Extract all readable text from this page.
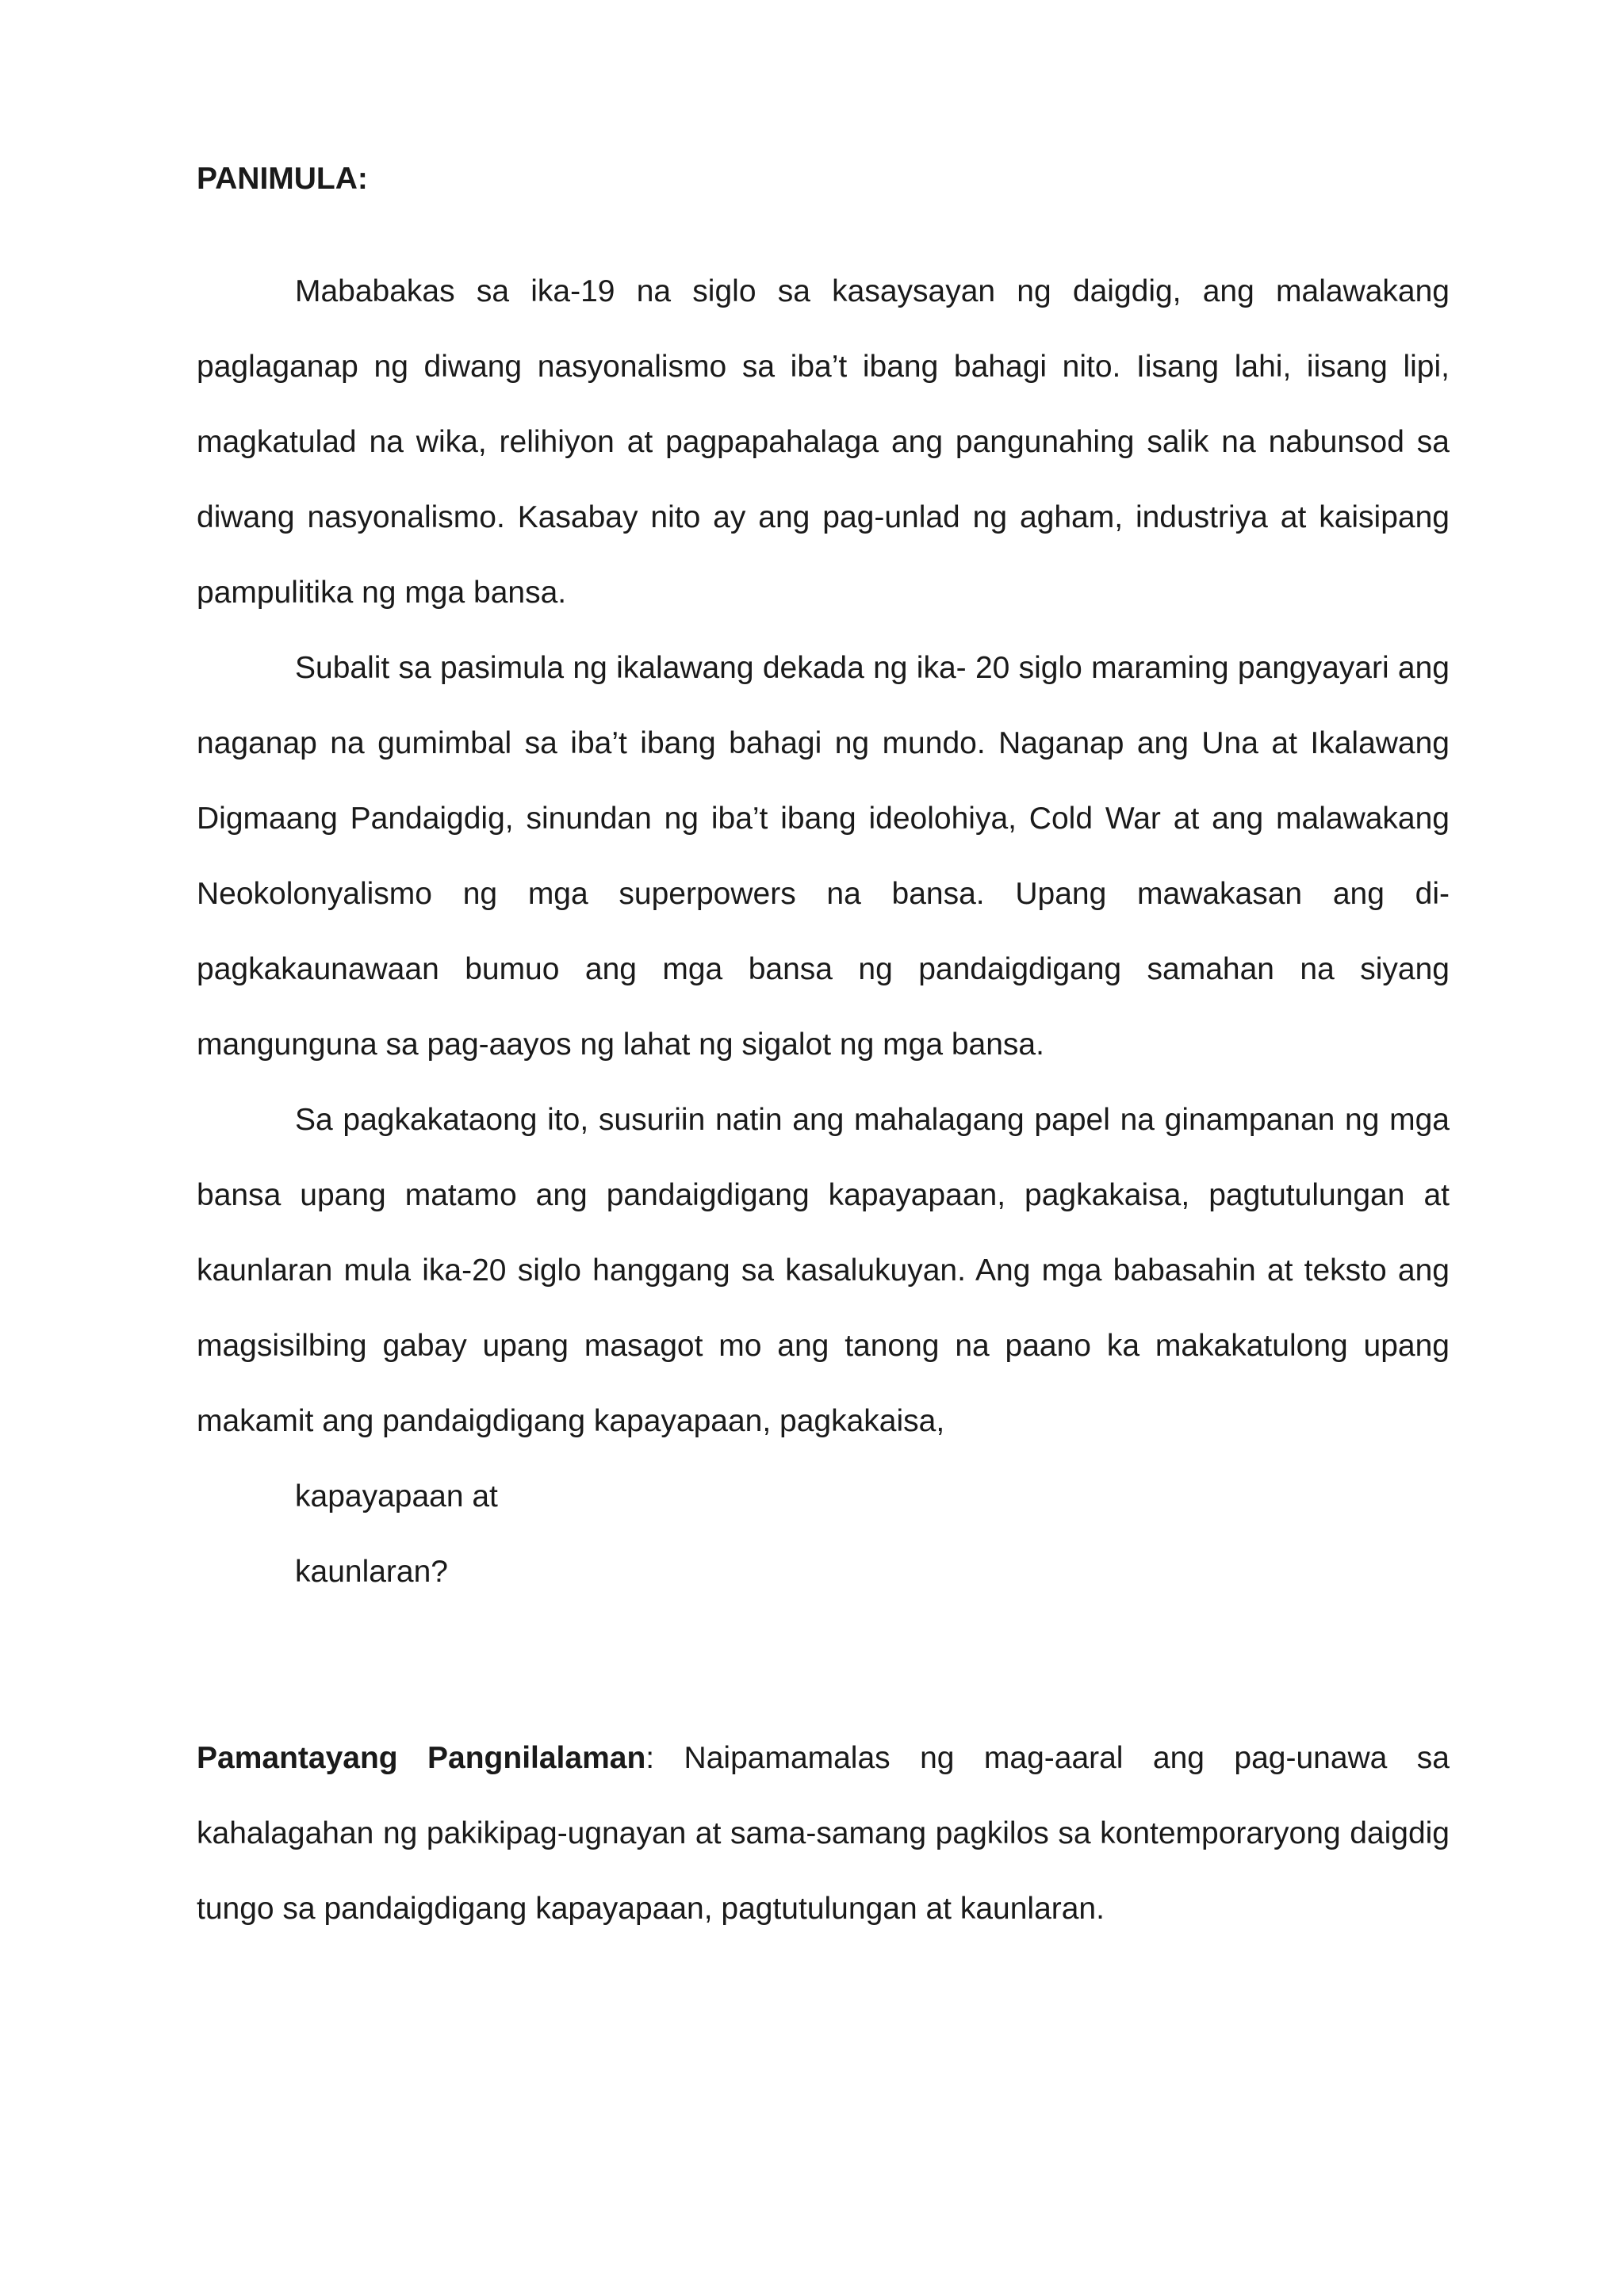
PANIMULA:

Mababakas sa ika-19 na siglo sa kasaysayan ng daigdig, ang malawakang paglaganap ng diwang nasyonalismo sa iba’t ibang bahagi nito. Iisang lahi, iisang lipi, magkatulad na wika, relihiyon at pagpapahalaga ang pangunahing salik na nabunsod sa diwang nasyonalismo. Kasabay nito ay ang pag-unlad ng agham, industriya at kaisipang pampulitika ng mga bansa.

Subalit sa pasimula ng ikalawang dekada ng ika- 20 siglo maraming pangyayari ang naganap na gumimbal sa iba’t ibang bahagi ng mundo. Naganap ang Una at Ikalawang Digmaang Pandaigdig, sinundan ng iba’t ibang ideolohiya, Cold War at ang malawakang Neokolonyalismo ng mga superpowers na bansa. Upang mawakasan ang di- pagkakaunawaan bumuo ang mga bansa ng pandaigdigang samahan na siyang mangunguna sa pag-aayos ng lahat ng sigalot ng mga bansa.

Sa pagkakataong ito, susuriin natin ang mahalagang papel na ginampanan ng mga bansa upang matamo ang pandaigdigang kapayapaan, pagkakaisa, pagtutulungan at kaunlaran mula ika-20 siglo hanggang sa kasalukuyan. Ang mga babasahin at teksto ang magsisilbing gabay upang masagot mo ang tanong na paano ka makakatulong upang makamit ang pandaigdigang kapayapaan, pagkakaisa,
kapayapaan at
kaunlaran?

Pamantayang Pangnilalaman: Naipamamalas ng mag-aaral ang pag-unawa sa kahalagahan ng pakikipag-ugnayan at sama-samang pagkilos sa kontemporaryong daigdig tungo sa pandaigdigang kapayapaan, pagtutulungan at kaunlaran.
